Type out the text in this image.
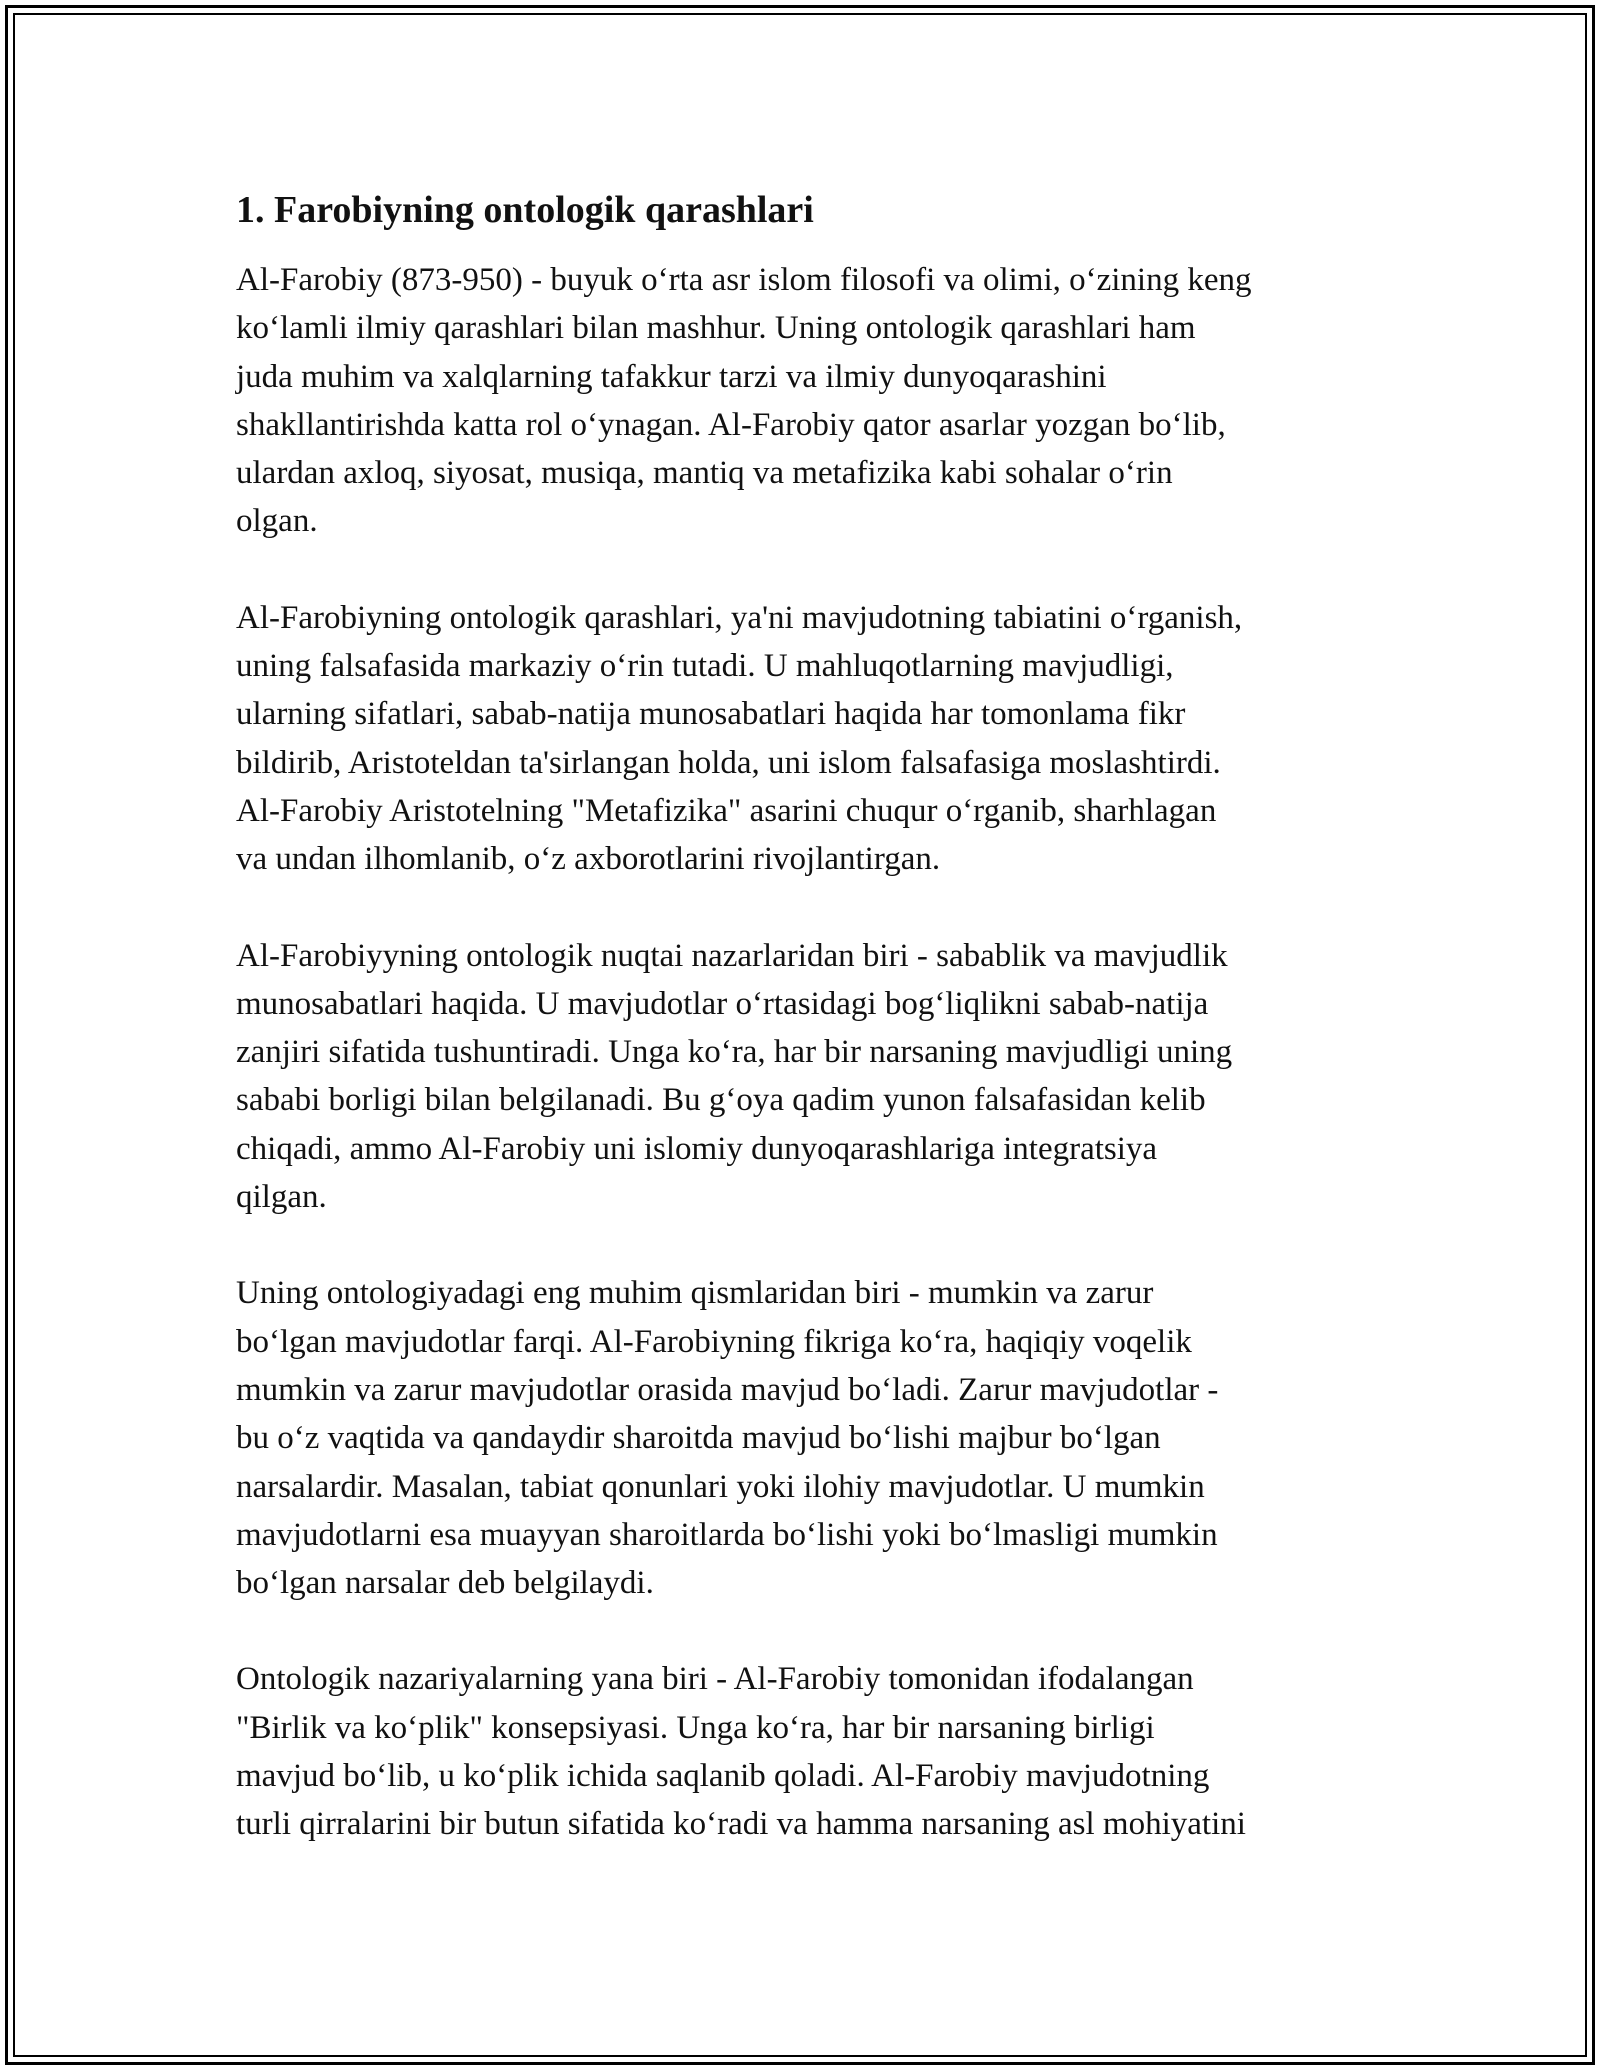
1. Farobiyning ontologik qarashlari

Al-Farobiy (873-950) - buyuk o‘rta asr islom filosofi va olimi, o‘zining keng
ko‘lamli ilmiy qarashlari bilan mashhur. Uning ontologik qarashlari ham
juda muhim va xalqlarning tafakkur tarzi va ilmiy dunyoqarashini
shakllantirishda katta rol o‘ynagan. Al-Farobiy qator asarlar yozgan bo‘lib,
ulardan axloq, siyosat, musiqa, mantiq va metafizika kabi sohalar o‘rin
olgan.

Al-Farobiyning ontologik qarashlari, ya'ni mavjudotning tabiatini o‘rganish,
uning falsafasida markaziy o‘rin tutadi. U mahluqotlarning mavjudligi,
ularning sifatlari, sabab-natija munosabatlari haqida har tomonlama fikr
bildirib, Aristoteldan ta'sirlangan holda, uni islom falsafasiga moslashtirdi.
Al-Farobiy Aristotelning "Metafizika" asarini chuqur o‘rganib, sharhlagan
va undan ilhomlanib, o‘z axborotlarini rivojlantirgan.

Al-Farobiyyning ontologik nuqtai nazarlaridan biri - sabablik va mavjudlik
munosabatlari haqida. U mavjudotlar o‘rtasidagi bog‘liqlikni sabab-natija
zanjiri sifatida tushuntiradi. Unga ko‘ra, har bir narsaning mavjudligi uning
sababi borligi bilan belgilanadi. Bu g‘oya qadim yunon falsafasidan kelib
chiqadi, ammo Al-Farobiy uni islomiy dunyoqarashlariga integratsiya
qilgan.

Uning ontologiyadagi eng muhim qismlaridan biri - mumkin va zarur
bo‘lgan mavjudotlar farqi. Al-Farobiyning fikriga ko‘ra, haqiqiy voqelik
mumkin va zarur mavjudotlar orasida mavjud bo‘ladi. Zarur mavjudotlar -
bu o‘z vaqtida va qandaydir sharoitda mavjud bo‘lishi majbur bo‘lgan
narsalardir. Masalan, tabiat qonunlari yoki ilohiy mavjudotlar. U mumkin
mavjudotlarni esa muayyan sharoitlarda bo‘lishi yoki bo‘lmasligi mumkin
bo‘lgan narsalar deb belgilaydi.

Ontologik nazariyalarning yana biri - Al-Farobiy tomonidan ifodalangan
"Birlik va ko‘plik" konsepsiyasi. Unga ko‘ra, har bir narsaning birligi
mavjud bo‘lib, u ko‘plik ichida saqlanib qoladi. Al-Farobiy mavjudotning
turli qirralarini bir butun sifatida ko‘radi va hamma narsaning asl mohiyatini
